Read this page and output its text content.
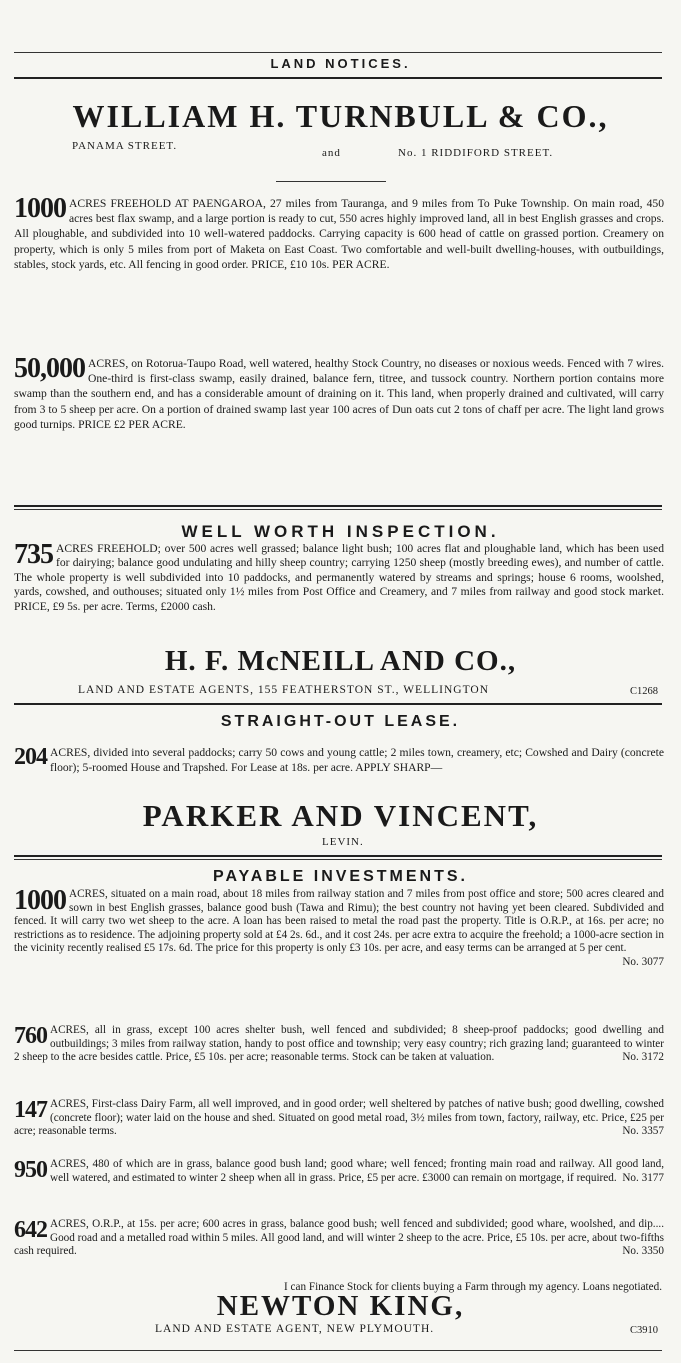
LAND NOTICES.
WILLIAM H. TURNBULL & CO.,
PANAMA STREET.
and	No. 1 RIDDIFORD STREET.
1000 ACRES FREEHOLD AT PAENGAROA, 27 miles from Tauranga, and 9 miles from To Puke Township. On main road, 450 acres best flax swamp, and a large portion is ready to cut, 550 acres highly improved land, all in best English grasses and crops. All ploughable, and subdivided into 10 well-watered paddocks. Carrying capacity is 600 head of cattle on grassed portion. Creamery on property, which is only 5 miles from port of Maketa on East Coast. Two comfortable and well-built dwelling-houses, with outbuildings, stables, stock yards, etc. All fencing in good order. PRICE, £10 10s. PER ACRE.
50,000 ACRES, on Rotorua-Taupo Road, well watered, healthy Stock Country, no diseases or noxious weeds. Fenced with 7 wires. One-third is first-class swamp, easily drained, balance fern, titree, and tussock country. Northern portion contains more swamp than the southern end, and has a considerable amount of draining on it. This land, when properly drained and cultivated, will carry from 3 to 5 sheep per acre. On a portion of drained swamp last year 100 acres of Dun oats cut 2 tons of chaff per acre. The light land grows good turnips. PRICE £2 PER ACRE.
WELL WORTH INSPECTION.
735 ACRES FREEHOLD; over 500 acres well grassed; balance light bush; 100 acres flat and ploughable land, which has been used for dairying; balance good undulating and hilly sheep country; carrying 1250 sheep (mostly breeding ewes), and number of cattle. The whole property is well subdivided into 10 paddocks, and permanently watered by streams and springs; house 6 rooms, woolshed, yards, cowshed, and outhouses; situated only 1½ miles from Post Office and Creamery, and 7 miles from railway and good stock market. PRICE, £9 5s. per acre. Terms, £2000 cash.
H. F. McNEILL AND CO.,
LAND AND ESTATE AGENTS, 155 FEATHERSTON ST., WELLINGTON	C1268
STRAIGHT-OUT LEASE.
204 ACRES, divided into several paddocks; carry 50 cows and young cattle; 2 miles town, creamery, etc; Cowshed and Dairy (concrete floor); 5-roomed House and Trapshed. For Lease at 18s. per acre. APPLY SHARP—
PARKER AND VINCENT,
LEVIN.
PAYABLE INVESTMENTS.
1000 ACRES, situated on a main road, about 18 miles from railway station and 7 miles from post office and store; 500 acres cleared and sown in best English grasses, balance good bush (Tawa and Rimu); the best country not having yet been cleared. Subdivided and fenced. It will carry two wet sheep to the acre. A loan has been raised to metal the road past the property. Title is O.R.P., at 16s. per acre; no restrictions as to residence. The adjoining property sold at £4 2s. 6d., and it cost 24s. per acre extra to acquire the freehold; a 1000-acre section in the vicinity recently realised £5 17s. 6d. The price for this property is only £3 10s. per acre, and easy terms can be arranged at 5 per cent.
No. 3077
760 ACRES, all in grass, except 100 acres shelter bush, well fenced and subdivided; 8 sheep-proof paddocks; good dwelling and outbuildings; 3 miles from railway station, handy to post office and township; very easy country; rich grazing land; guaranteed to winter 2 sheep to the acre besides cattle. Price, £5 10s. per acre; reasonable terms. Stock can be taken at valuation.	No. 3172
147 ACRES, First-class Dairy Farm, all well improved, and in good order; well sheltered by patches of native bush; good dwelling, cowshed (concrete floor); water laid on the house and shed. Situated on good metal road, 3½ miles from town, factory, railway, etc. Price, £25 per acre; reasonable terms.	No. 3357
950 ACRES, 480 of which are in grass, balance good bush land; good whare; well fenced; fronting main road and railway. All good land, well watered, and estimated to winter 2 sheep when all in grass. Price, £5 per acre. £3000 can remain on mortgage, if required. No. 3177
642 ACRES, O.R.P., at 15s. per acre; 600 acres in grass, balance good bush; well fenced and subdivided; good whare, woolshed, and dip.... Good road and a metalled road within 5 miles. All good land, and will winter 2 sheep to the acre. Price, £5 10s. per acre, about two-fifths cash required.	No. 3350
I can Finance Stock for clients buying a Farm through my agency. Loans negotiated.
NEWTON KING,
LAND AND ESTATE AGENT, NEW PLYMOUTH.	C3910
